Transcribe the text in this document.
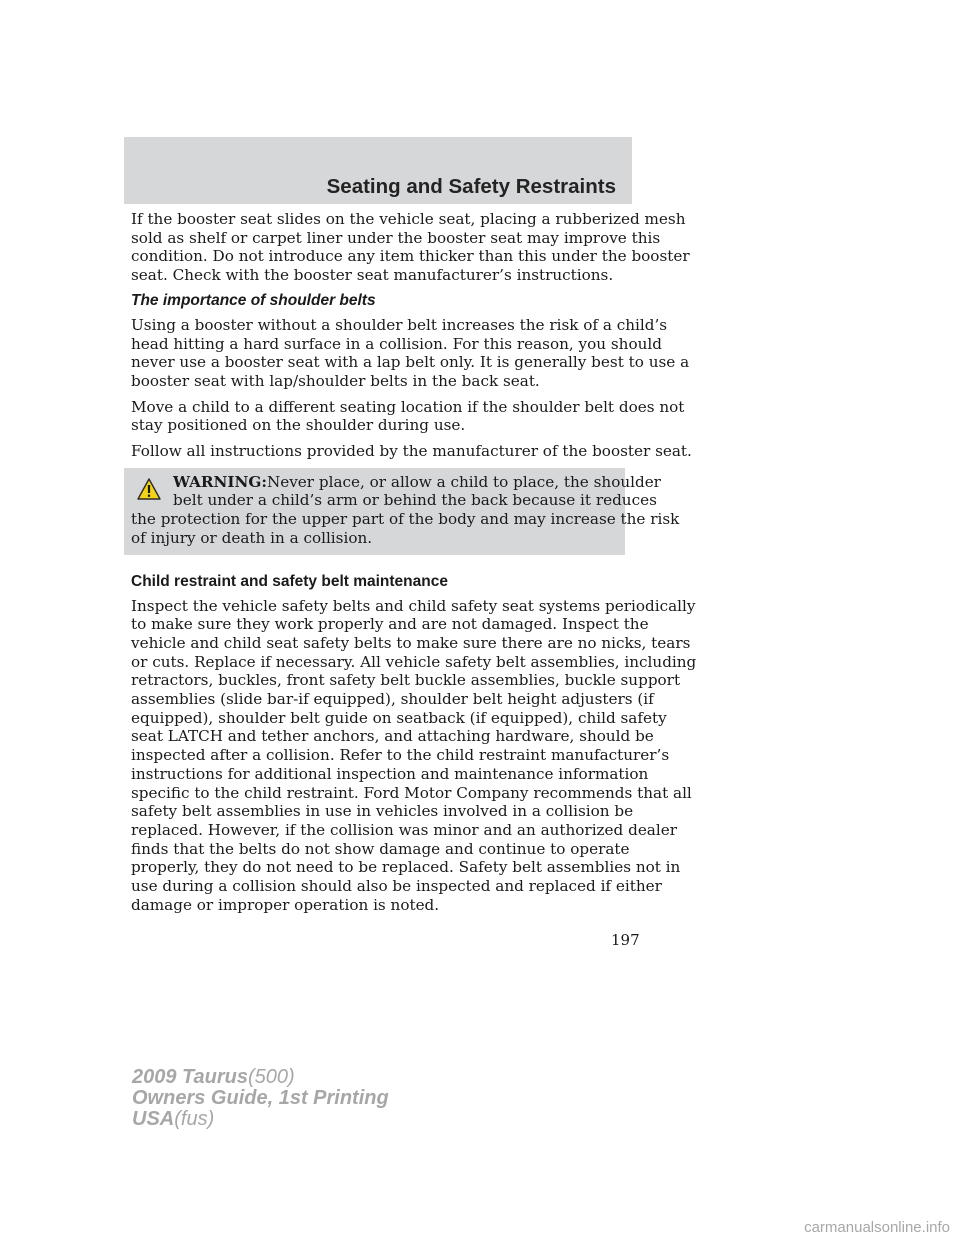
Seating and Safety Restraints

If the booster seat slides on the vehicle seat, placing a rubberized mesh
sold as shelf or carpet liner under the booster seat may improve this
condition. Do not introduce any item thicker than this under the booster
seat. Check with the booster seat manufacturer’s instructions.

The importance of shoulder belts

Using a booster without a shoulder belt increases the risk of a child’s
head hitting a hard surface in a collision. For this reason, you should
never use a booster seat with a lap belt only. It is generally best to use a
booster seat with lap/shoulder belts in the back seat.

Move a child to a different seating location if the shoulder belt does not
stay positioned on the shoulder during use.

Follow all instructions provided by the manufacturer of the booster seat.

WARNING:Never place, or allow a child to place, the shoulder
belt under a child’s arm or behind the back because it reduces
the protection for the upper part of the body and may increase the risk
of injury or death in a collision.

Child restraint and safety belt maintenance

Inspect the vehicle safety belts and child safety seat systems periodically
to make sure they work properly and are not damaged. Inspect the
vehicle and child seat safety belts to make sure there are no nicks, tears
or cuts. Replace if necessary. All vehicle safety belt assemblies, including
retractors, buckles, front safety belt buckle assemblies, buckle support
assemblies (slide bar-if equipped), shoulder belt height adjusters (if
equipped), shoulder belt guide on seatback (if equipped), child safety
seat LATCH and tether anchors, and attaching hardware, should be
inspected after a collision. Refer to the child restraint manufacturer’s
instructions for additional inspection and maintenance information
specific to the child restraint. Ford Motor Company recommends that all
safety belt assemblies in use in vehicles involved in a collision be
replaced. However, if the collision was minor and an authorized dealer
finds that the belts do not show damage and continue to operate
properly, they do not need to be replaced. Safety belt assemblies not in
use during a collision should also be inspected and replaced if either
damage or improper operation is noted.

197
2009 Taurus(500)
Owners Guide, 1st Printing
USA(fus)
carmanualsonline.info
